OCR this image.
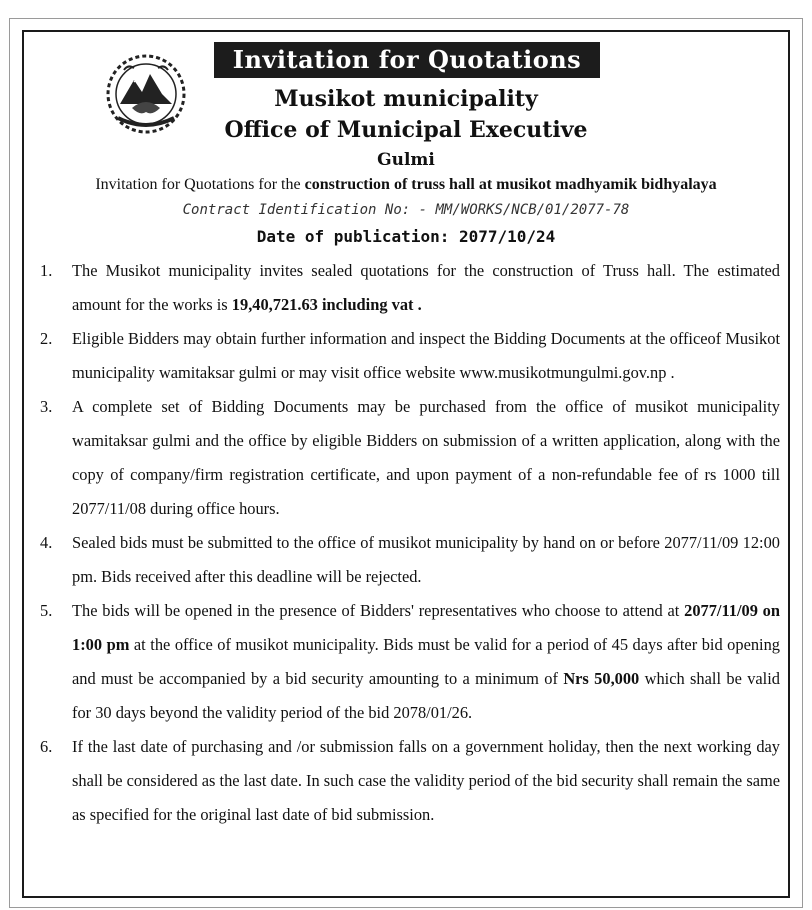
Invitation for Quotations
Musikot municipality
Office of Municipal Executive
Gulmi
Invitation for Quotations for the construction of truss hall at musikot madhyamik bidhyalaya
Contract Identification No: - MM/WORKS/NCB/01/2077-78
Date of publication: 2077/10/24
1. The Musikot municipality invites sealed quotations for the construction of Truss hall. The estimated amount for the works is 19,40,721.63 including vat .
2. Eligible Bidders may obtain further information and inspect the Bidding Documents at the officeof Musikot municipality wamitaksar gulmi or may visit office website www.musikotmungulmi.gov.np .
3. A complete set of Bidding Documents may be purchased from the office of musikot municipality wamitaksar gulmi and the office by eligible Bidders on submission of a written application, along with the copy of company/firm registration certificate, and upon payment of a non-refundable fee of rs 1000 till 2077/11/08 during office hours.
4. Sealed bids must be submitted to the office of musikot municipality by hand on or before 2077/11/09 12:00 pm. Bids received after this deadline will be rejected.
5. The bids will be opened in the presence of Bidders' representatives who choose to attend at 2077/11/09 on 1:00 pm at the office of musikot municipality. Bids must be valid for a period of 45 days after bid opening and must be accompanied by a bid security amounting to a minimum of Nrs 50,000 which shall be valid for 30 days beyond the validity period of the bid 2078/01/26.
6. If the last date of purchasing and /or submission falls on a government holiday, then the next working day shall be considered as the last date. In such case the validity period of the bid security shall remain the same as specified for the original last date of bid submission.
